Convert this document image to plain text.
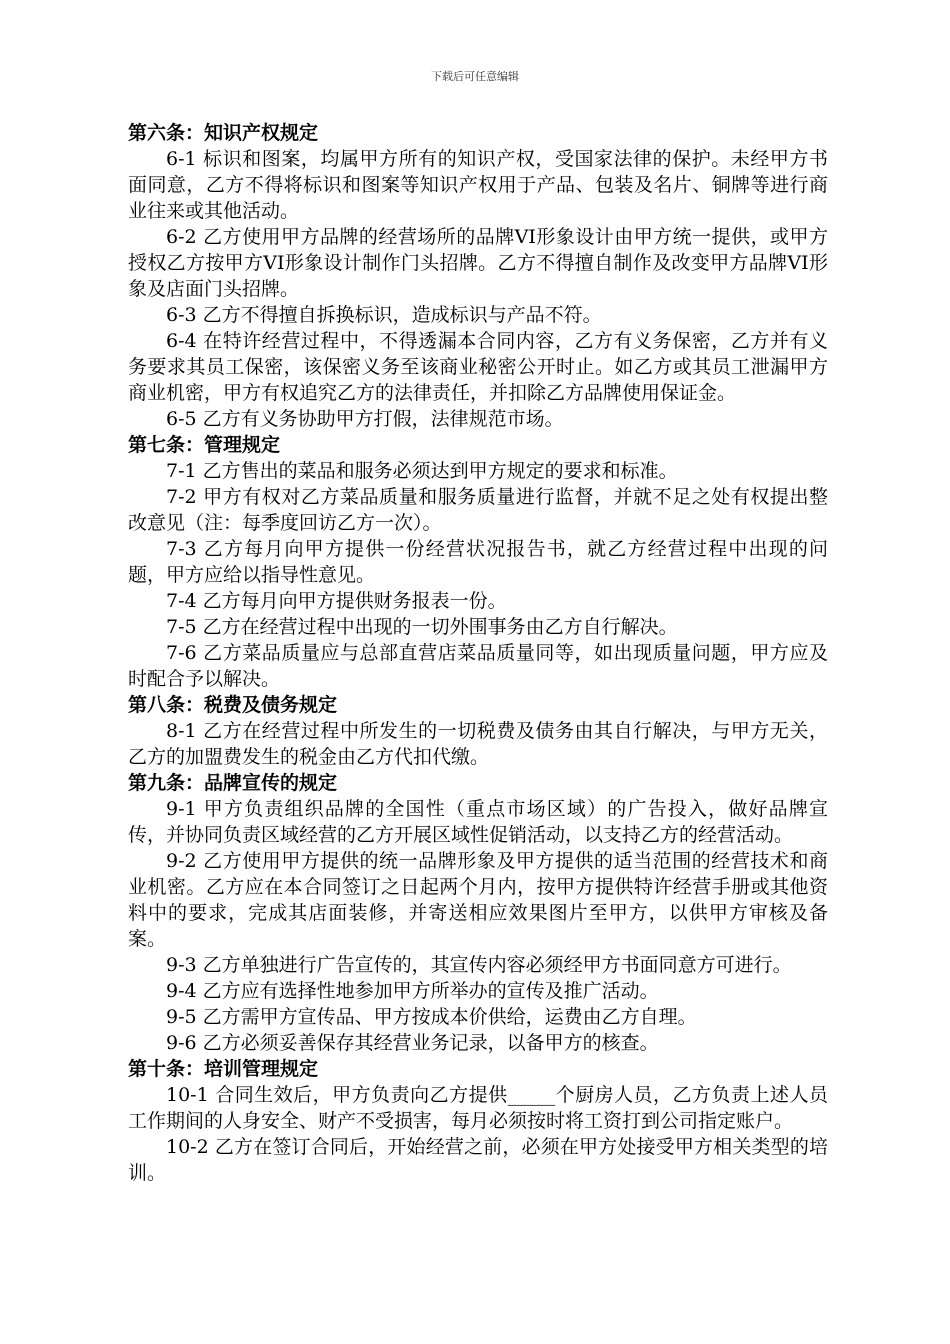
下载后可任意编辑

第六条：知识产权规定

6-1 标识和图案，均属甲方所有的知识产权，受国家法律的保护。未经甲方书面同意，乙方不得将标识和图案等知识产权用于产品、包装及名片、铜牌等进行商业往来或其他活动。

6-2 乙方使用甲方品牌的经营场所的品牌VI形象设计由甲方统一提供，或甲方授权乙方按甲方VI形象设计制作门头招牌。乙方不得擅自制作及改变甲方品牌VI形象及店面门头招牌。

6-3 乙方不得擅自拆换标识，造成标识与产品不符。

6-4 在特许经营过程中，不得透漏本合同内容，乙方有义务保密，乙方并有义务要求其员工保密，该保密义务至该商业秘密公开时止。如乙方或其员工泄漏甲方商业机密，甲方有权追究乙方的法律责任，并扣除乙方品牌使用保证金。

6-5 乙方有义务协助甲方打假，法律规范市场。

第七条：管理规定

7-1 乙方售出的菜品和服务必须达到甲方规定的要求和标准。

7-2 甲方有权对乙方菜品质量和服务质量进行监督，并就不足之处有权提出整改意见（注：每季度回访乙方一次）。

7-3 乙方每月向甲方提供一份经营状况报告书，就乙方经营过程中出现的问题，甲方应给以指导性意见。

7-4 乙方每月向甲方提供财务报表一份。

7-5 乙方在经营过程中出现的一切外围事务由乙方自行解决。

7-6 乙方菜品质量应与总部直营店菜品质量同等，如出现质量问题，甲方应及时配合予以解决。

第八条：税费及债务规定

8-1 乙方在经营过程中所发生的一切税费及债务由其自行解决，与甲方无关，乙方的加盟费发生的税金由乙方代扣代缴。

第九条：品牌宣传的规定

9-1 甲方负责组织品牌的全国性（重点市场区域）的广告投入，做好品牌宣传，并协同负责区域经营的乙方开展区域性促销活动，以支持乙方的经营活动。

9-2 乙方使用甲方提供的统一品牌形象及甲方提供的适当范围的经营技术和商业机密。乙方应在本合同签订之日起两个月内，按甲方提供特许经营手册或其他资料中的要求，完成其店面装修，并寄送相应效果图片至甲方，以供甲方审核及备案。

9-3 乙方单独进行广告宣传的，其宣传内容必须经甲方书面同意方可进行。

9-4 乙方应有选择性地参加甲方所举办的宣传及推广活动。

9-5 乙方需甲方宣传品、甲方按成本价供给，运费由乙方自理。

9-6 乙方必须妥善保存其经营业务记录，以备甲方的核查。

第十条：培训管理规定

10-1 合同生效后，甲方负责向乙方提供_____个厨房人员，乙方负责上述人员工作期间的人身安全、财产不受损害，每月必须按时将工资打到公司指定账户。

10-2 乙方在签订合同后，开始经营之前，必须在甲方处接受甲方相关类型的培训。
